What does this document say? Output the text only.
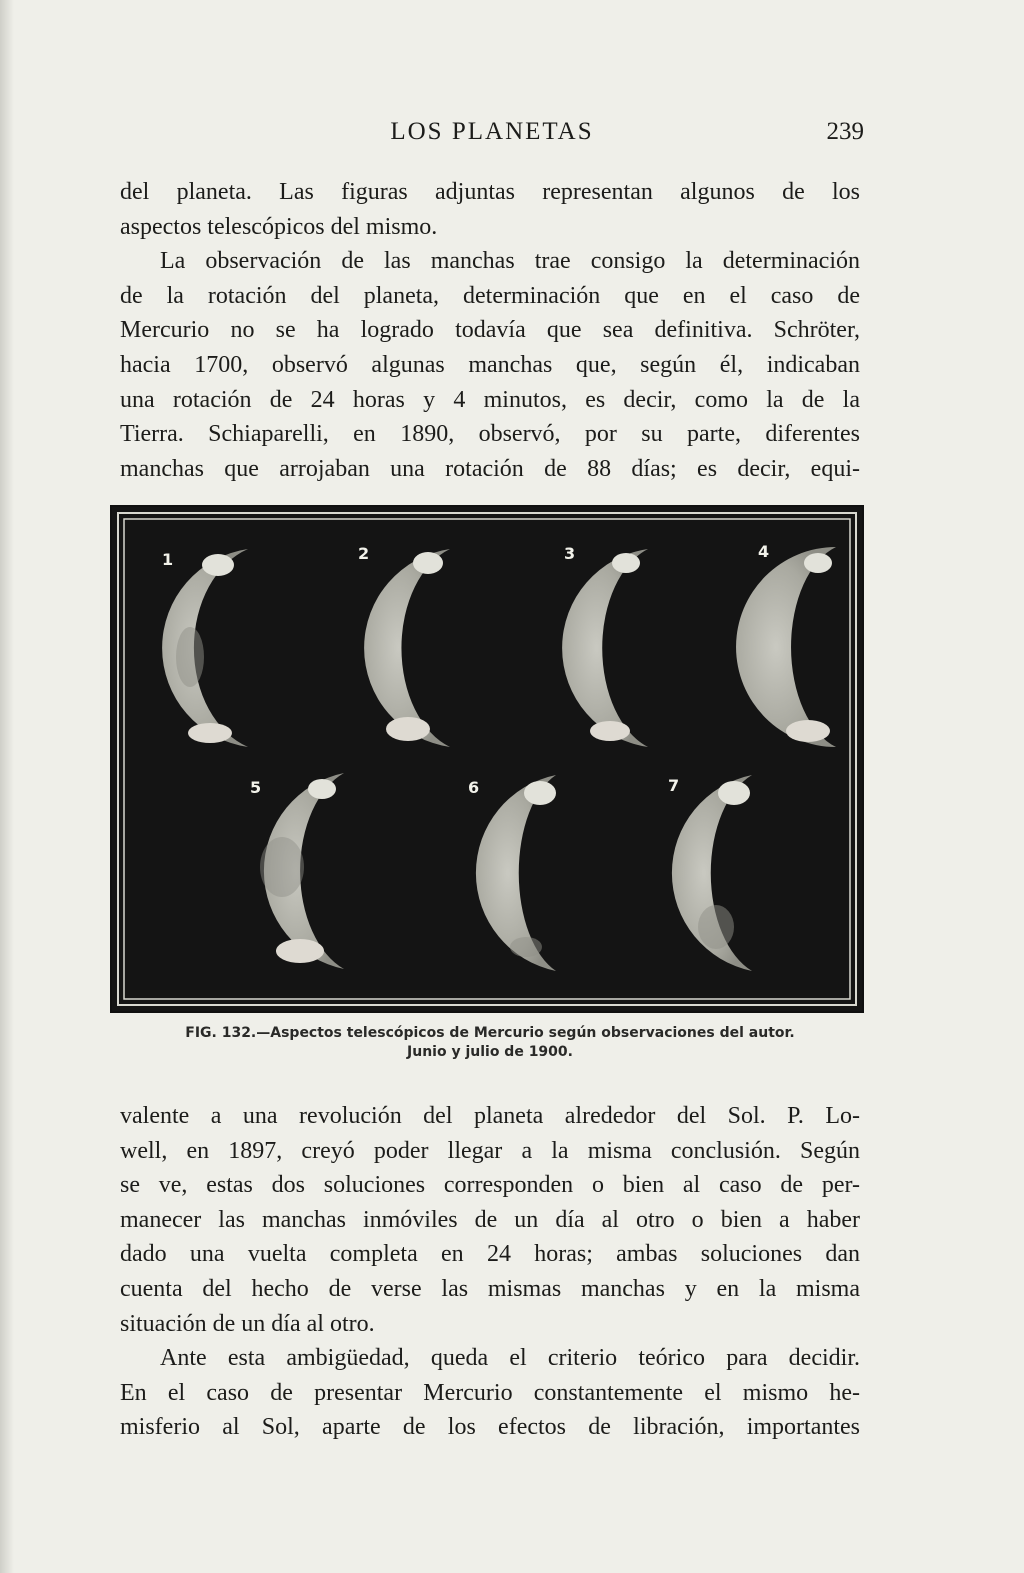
LOS PLANETAS	239

del planeta. Las figuras adjuntas representan algunos de los

aspectos telescópicos del mismo.

La observación de las manchas trae consigo la determinación

de la rotación del planeta, determinación que en el caso de

Mercurio no se ha logrado todavía que sea definitiva. Schröter,

hacia 1700, observó algunas manchas que, según él, indicaban

una rotación de 24 horas y 4 minutos, es decir, como la de la

Tierra. Schiaparelli, en 1890, observó, por su parte, diferentes

manchas que arrojaban una rotación de 88 días; es decir, equi-

1	2	3	4
5	6	7
FIG. 132.—Aspectos telescópicos de Mercurio según observaciones del autor.
Junio y julio de 1900.

valente a una revolución del planeta alrededor del Sol. P. Lo-

well, en 1897, creyó poder llegar a la misma conclusión. Según

se ve, estas dos soluciones corresponden o bien al caso de per-

manecer las manchas inmóviles de un día al otro o bien a haber

dado una vuelta completa en 24 horas; ambas soluciones dan

cuenta del hecho de verse las mismas manchas y en la misma

situación de un día al otro.

Ante esta ambigüedad, queda el criterio teórico para decidir.

En el caso de presentar Mercurio constantemente el mismo he-

misferio al Sol, aparte de los efectos de libración, importantes
